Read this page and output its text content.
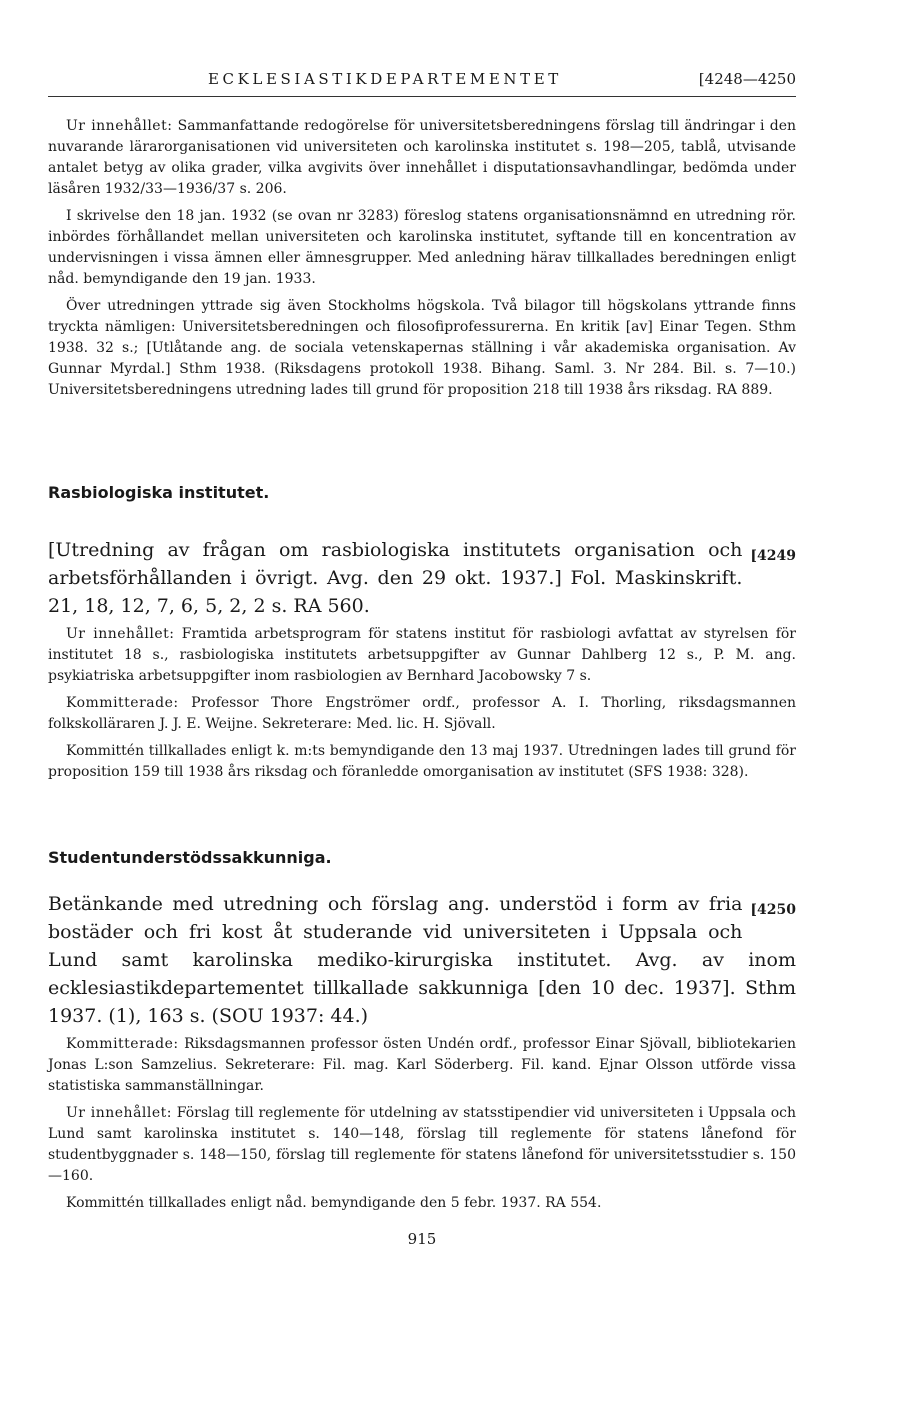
ECKLESIASTIKDEPARTEMENTET	[4248—4250

Ur innehållet: Sammanfattande redogörelse för universitetsberedningens förslag till ändringar i den nuvarande lärarorganisationen vid universiteten och karolinska institutet s. 198—205, tablå, utvisande antalet betyg av olika grader, vilka avgivits över innehållet i disputationsavhandlingar, bedömda under läsåren 1932/33—1936/37 s. 206.

I skrivelse den 18 jan. 1932 (se ovan nr 3283) föreslog statens organisationsnämnd en utredning rör. inbördes förhållandet mellan universiteten och karolinska institutet, syftande till en koncentration av undervisningen i vissa ämnen eller ämnesgrupper. Med anledning härav tillkallades beredningen enligt nåd. bemyndigande den 19 jan. 1933.

Över utredningen yttrade sig även Stockholms högskola. Två bilagor till högskolans yttrande finns tryckta nämligen: Universitetsberedningen och filosofiprofessurerna. En kritik [av] Einar Tegen. Sthm 1938. 32 s.; [Utlåtande ang. de sociala vetenskapernas ställning i vår akademiska organisation. Av Gunnar Myrdal.] Sthm 1938. (Riksdagens protokoll 1938. Bihang. Saml. 3. Nr 284. Bil. s. 7—10.) Universitetsberedningens utredning lades till grund för proposition 218 till 1938 års riksdag. RA 889.

Rasbiologiska institutet.
[4249
[Utredning av frågan om rasbiologiska institutets organisation och arbetsförhållanden i övrigt. Avg. den 29 okt. 1937.] Fol. Maskinskrift. 21, 18, 12, 7, 6, 5, 2, 2 s. RA 560.

Ur innehållet: Framtida arbetsprogram för statens institut för rasbiologi avfattat av styrelsen för institutet 18 s., rasbiologiska institutets arbetsuppgifter av Gunnar Dahlberg 12 s., P. M. ang. psykiatriska arbetsuppgifter inom rasbiologien av Bernhard Jacobowsky 7 s.

Kommitterade: Professor Thore Engströmer ordf., professor A. I. Thorling, riksdagsmannen folkskolläraren J. J. E. Weijne. Sekreterare: Med. lic. H. Sjövall.

Kommittén tillkallades enligt k. m:ts bemyndigande den 13 maj 1937. Utredningen lades till grund för proposition 159 till 1938 års riksdag och föranledde omorganisation av institutet (SFS 1938: 328).

Studentunderstödssakkunniga.
[4250
Betänkande med utredning och förslag ang. understöd i form av fria bostäder och fri kost åt studerande vid universiteten i Uppsala och Lund samt karolinska mediko-kirurgiska institutet. Avg. av inom ecklesiastikdepartementet tillkallade sakkunniga [den 10 dec. 1937]. Sthm 1937. (1), 163 s. (SOU 1937: 44.)

Kommitterade: Riksdagsmannen professor östen Undén ordf., professor Einar Sjövall, bibliotekarien Jonas L:son Samzelius. Sekreterare: Fil. mag. Karl Söderberg. Fil. kand. Ejnar Olsson utförde vissa statistiska sammanställningar.

Ur innehållet: Förslag till reglemente för utdelning av statsstipendier vid universiteten i Uppsala och Lund samt karolinska institutet s. 140—148, förslag till reglemente för statens lånefond för studentbyggnader s. 148—150, förslag till reglemente för statens lånefond för universitetsstudier s. 150—160.

Kommittén tillkallades enligt nåd. bemyndigande den 5 febr. 1937. RA 554.

915
